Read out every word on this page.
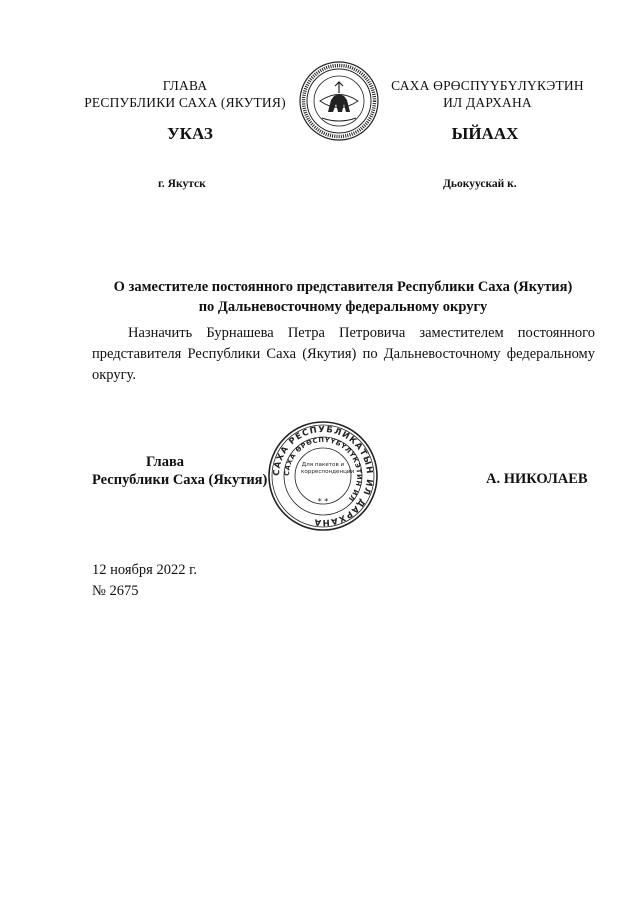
ГЛАВА
РЕСПУБЛИКИ САХА (ЯКУТИЯ)
САХА ӨРӨСПҮҮБҮЛҮКЭТИН
ИЛ ДАРХАНА
УКАЗ	ЫЙААХ
г. Якутск	Дьокуускай к.
О заместителе постоянного представителя Республики Саха (Якутия)
по Дальневосточному федеральному округу
Назначить Бурнашева Петра Петровича заместителем постоянного представителя Республики Саха (Якутия) по Дальневосточному федеральному округу.
Глава
Республики Саха (Якутия) САХА РЕСПУБЛИКАТЫН ИЛ ДАРХАНА
САХА ӨРӨСПҮҮБҮЛҮКЭТИН ИЛ
Для пакетов и корреспонденции
* *
А. НИКОЛАЕВ
12 ноября 2022 г.
№ 2675
